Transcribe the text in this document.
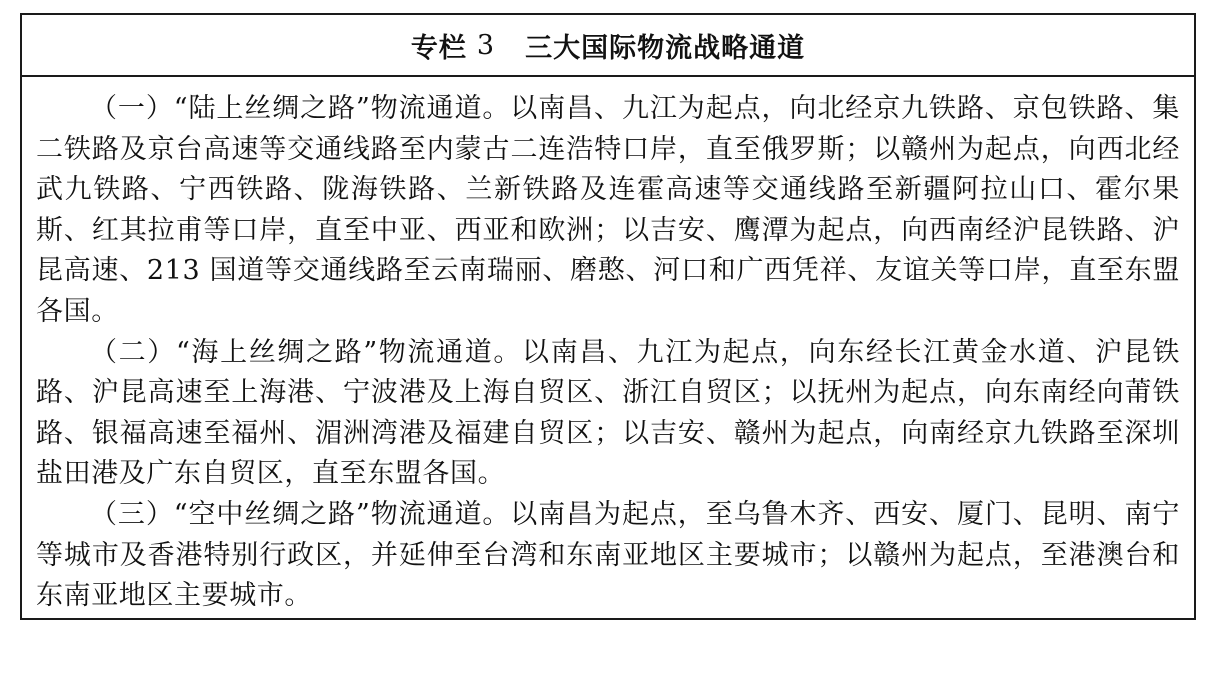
专栏 3 三大国际物流战略通道

（一）“陆上丝绸之路”物流通道。以南昌、九江为起点，向北经京九铁路、京包铁路、集二铁路及京台高速等交通线路至内蒙古二连浩特口岸，直至俄罗斯；以赣州为起点，向西北经武九铁路、宁西铁路、陇海铁路、兰新铁路及连霍高速等交通线路至新疆阿拉山口、霍尔果斯、红其拉甫等口岸，直至中亚、西亚和欧洲；以吉安、鹰潭为起点，向西南经沪昆铁路、沪昆高速、213 国道等交通线路至云南瑞丽、磨憨、河口和广西凭祥、友谊关等口岸，直至东盟各国。

（二）“海上丝绸之路”物流通道。以南昌、九江为起点，向东经长江黄金水道、沪昆铁路、沪昆高速至上海港、宁波港及上海自贸区、浙江自贸区；以抚州为起点，向东南经向莆铁路、银福高速至福州、湄洲湾港及福建自贸区；以吉安、赣州为起点，向南经京九铁路至深圳盐田港及广东自贸区，直至东盟各国。

（三）“空中丝绸之路”物流通道。以南昌为起点，至乌鲁木齐、西安、厦门、昆明、南宁等城市及香港特别行政区，并延伸至台湾和东南亚地区主要城市；以赣州为起点，至港澳台和东南亚地区主要城市。
